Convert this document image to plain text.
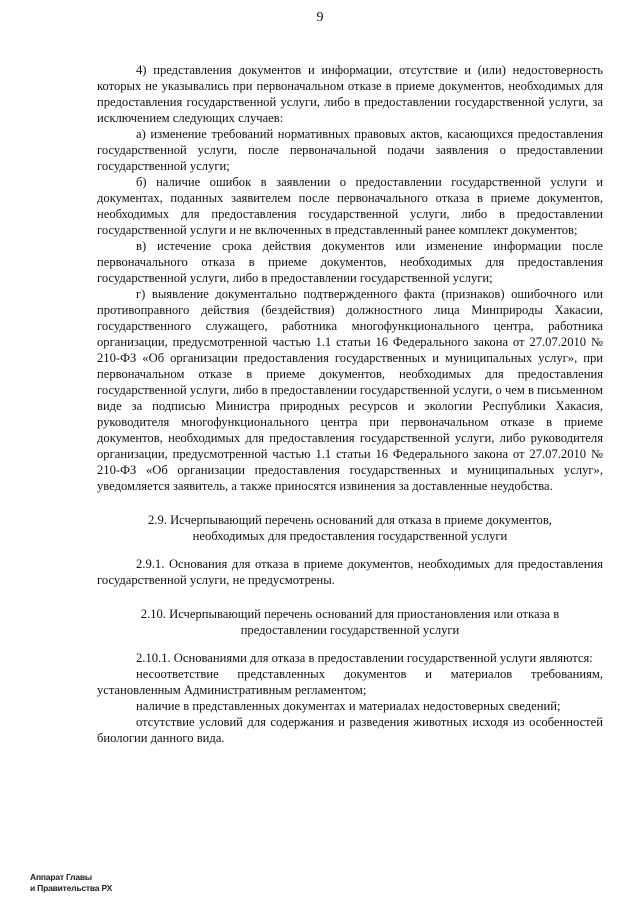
9

4) представления документов и информации, отсутствие и (или) недостоверность которых не указывались при первоначальном отказе в приеме документов, необходимых для предоставления государственной услуги, либо в предоставлении государственной услуги, за исключением следующих случаев:

а) изменение требований нормативных правовых актов, касающихся предоставления государственной услуги, после первоначальной подачи заявления о предоставлении государственной услуги;

б) наличие ошибок в заявлении о предоставлении государственной услуги и документах, поданных заявителем после первоначального отказа в приеме документов, необходимых для предоставления государственной услуги, либо в предоставлении государственной услуги и не включенных в представленный ранее комплект документов;

в) истечение срока действия документов или изменение информации после первоначального отказа в приеме документов, необходимых для предоставления государственной услуги, либо в предоставлении государственной услуги;

г) выявление документально подтвержденного факта (признаков) ошибочного или противоправного действия (бездействия) должностного лица Минприроды Хакасии, государственного служащего, работника многофункционального центра, работника организации, предусмотренной частью 1.1 статьи 16 Федерального закона от 27.07.2010 № 210-ФЗ «Об организации предоставления государственных и муниципальных услуг», при первоначальном отказе в приеме документов, необходимых для предоставления государственной услуги, либо в предоставлении государственной услуги, о чем в письменном виде за подписью Министра природных ресурсов и экологии Республики Хакасия, руководителя многофункционального центра при первоначальном отказе в приеме документов, необходимых для предоставления государственной услуги, либо руководителя организации, предусмотренной частью 1.1 статьи 16 Федерального закона от 27.07.2010 № 210-ФЗ «Об организации предоставления государственных и муниципальных услуг», уведомляется заявитель, а также приносятся извинения за доставленные неудобства.

2.9. Исчерпывающий перечень оснований для отказа в приеме документов, необходимых для предоставления государственной услуги

2.9.1. Основания для отказа в приеме документов, необходимых для предоставления государственной услуги, не предусмотрены.

2.10. Исчерпывающий перечень оснований для приостановления или отказа в предоставлении государственной услуги

2.10.1. Основаниями для отказа в предоставлении государственной услуги являются:

несоответствие представленных документов и материалов требованиям, установленным Административным регламентом;

наличие в представленных документах и материалах недостоверных сведений;

отсутствие условий для содержания и разведения животных исходя из особенностей биологии данного вида.

Аппарат Главы
и Правительства РХ
